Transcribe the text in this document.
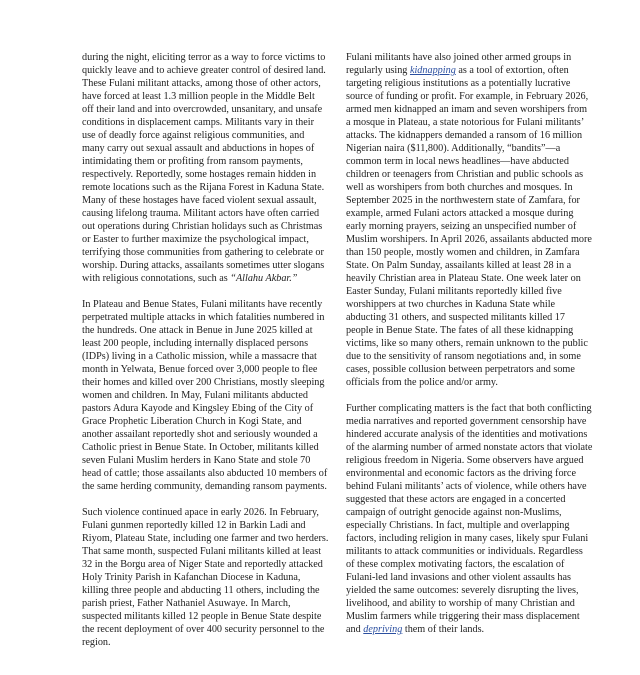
during the night, eliciting terror as a way to force victims to quickly leave and to achieve greater control of desired land. These Fulani militant attacks, among those of other actors, have forced at least 1.3 million people in the Middle Belt off their land and into overcrowded, unsanitary, and unsafe conditions in displacement camps. Militants vary in their use of deadly force against religious communities, and many carry out sexual assault and abductions in hopes of intimidating them or profiting from ransom payments, respectively. Reportedly, some hostages remain hidden in remote locations such as the Rijana Forest in Kaduna State. Many of these hostages have faced violent sexual assault, causing lifelong trauma. Militant actors have often carried out operations during Christian holidays such as Christmas or Easter to further maximize the psychological impact, terrifying those communities from gathering to celebrate or worship. During attacks, assailants sometimes utter slogans with religious connotations, such as “Allahu Akbar.”

In Plateau and Benue States, Fulani militants have recently perpetrated multiple attacks in which fatalities numbered in the hundreds. One attack in Benue in June 2025 killed at least 200 people, including internally displaced persons (IDPs) living in a Catholic mission, while a massacre that month in Yelwata, Benue forced over 3,000 people to flee their homes and killed over 200 Christians, mostly sleeping women and children. In May, Fulani militants abducted pastors Adura Kayode and Kingsley Ebing of the City of Grace Prophetic Liberation Church in Kogi State, and another assailant reportedly shot and seriously wounded a Catholic priest in Benue State. In October, militants killed seven Fulani Muslim herders in Kano State and stole 70 head of cattle; those assailants also abducted 10 members of the same herding community, demanding ransom payments.

Such violence continued apace in early 2026. In February, Fulani gunmen reportedly killed 12 in Barkin Ladi and Riyom, Plateau State, including one farmer and two herders. That same month, suspected Fulani militants killed at least 32 in the Borgu area of Niger State and reportedly attacked Holy Trinity Parish in Kafanchan Diocese in Kaduna, killing three people and abducting 11 others, including the parish priest, Father Nathaniel Asuwaye. In March, suspected militants killed 12 people in Benue State despite the recent deployment of over 400 security personnel to the region.

Fulani militants have also joined other armed groups in regularly using kidnapping as a tool of extortion, often targeting religious institutions as a potentially lucrative source of funding or profit. For example, in February 2026, armed men kidnapped an imam and seven worshipers from a mosque in Plateau, a state notorious for Fulani militants’ attacks. The kidnappers demanded a ransom of 16 million Nigerian naira ($11,800). Additionally, “bandits”—a common term in local news headlines—have abducted children or teenagers from Christian and public schools as well as worshipers from both churches and mosques. In September 2025 in the northwestern state of Zamfara, for example, armed Fulani actors attacked a mosque during early morning prayers, seizing an unspecified number of Muslim worshipers. In April 2026, assailants abducted more than 150 people, mostly women and children, in Zamfara State. On Palm Sunday, assailants killed at least 28 in a heavily Christian area in Plateau State. One week later on Easter Sunday, Fulani militants reportedly killed five worshippers at two churches in Kaduna State while abducting 31 others, and suspected militants killed 17 people in Benue State. The fates of all these kidnapping victims, like so many others, remain unknown to the public due to the sensitivity of ransom negotiations and, in some cases, possible collusion between perpetrators and some officials from the police and/or army.

Further complicating matters is the fact that both conflicting media narratives and reported government censorship have hindered accurate analysis of the identities and motivations of the alarming number of armed nonstate actors that violate religious freedom in Nigeria. Some observers have argued environmental and economic factors as the driving force behind Fulani militants’ acts of violence, while others have suggested that these actors are engaged in a concerted campaign of outright genocide against non-Muslims, especially Christians. In fact, multiple and overlapping factors, including religion in many cases, likely spur Fulani militants to attack communities or individuals. Regardless of these complex motivating factors, the escalation of Fulani-led land invasions and other violent assaults has yielded the same outcomes: severely disrupting the lives, livelihood, and ability to worship of many Christian and Muslim farmers while triggering their mass displacement and depriving them of their lands.
